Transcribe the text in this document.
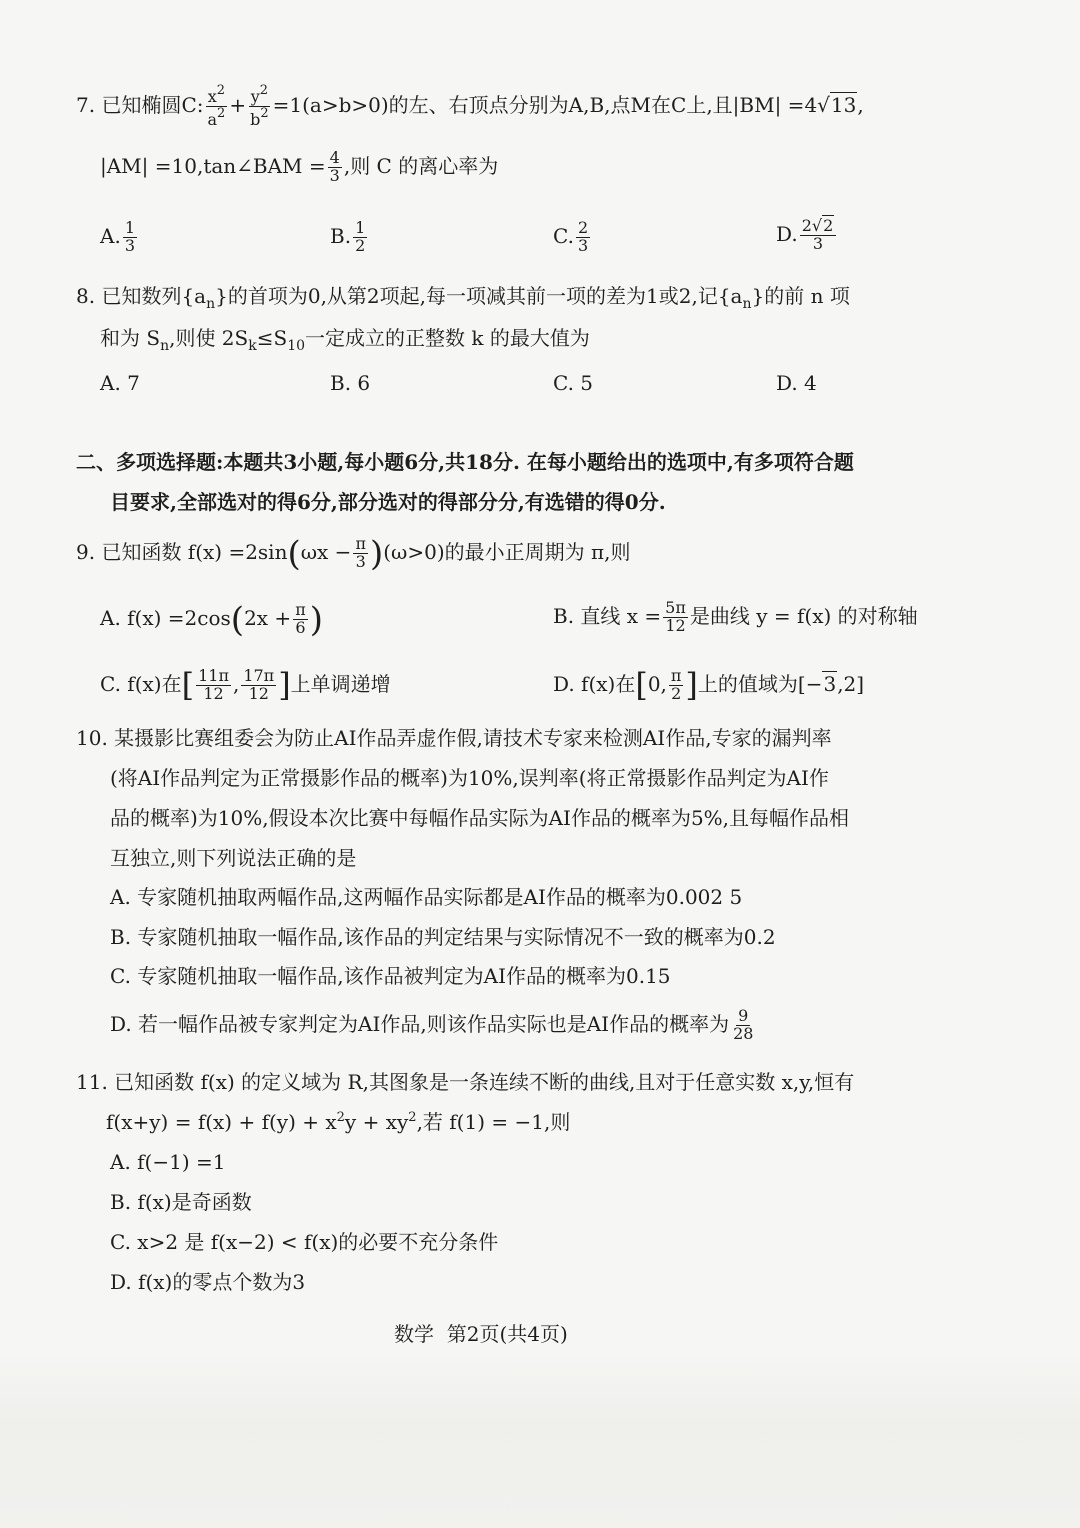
7. 已知椭圆C: $\frac{x^2}{a^2} + \frac{y^2}{b^2} =1(a>b>0)$的左、右顶点分别为A,B,点M在C上,且|BM| =4√13,
|AM| =10,tan∠BAM = $\frac{4}{3}$ ,则 C 的离心率为
A. $\frac{1}{3}$	B. $\frac{1}{2}$	C. $\frac{2}{3}$	D. $\frac{2√2}{3}$
8. 已知数列$\{a_n\}$的首项为0,从第2项起,每一项减其前一项的差为1或2,记$\{a_n\}$的前 n 项
和为 $S_n$,则使 $2S_k\le S_{10}$一定成立的正整数 k 的最大值为
A. 7	B. 6	C. 5	D. 4
二、多项选择题:本题共3小题,每小题6分,共18分. 在每小题给出的选项中,有多项符合题
目要求,全部选对的得6分,部分选对的得部分分,有选错的得0分.
9. 已知函数 $f(x) =2\sin(\omega x - \frac{\pi}{3} )(\omega>0)$的最小正周期为 π,则
A. $f(x) =2\cos(2x + \frac{\pi}{6}$ )	B. 直线 $x = \frac{5\pi}{12}$ 是曲线 y = f(x) 的对称轴
C. f(x)在[ $\frac{11\pi}{12}$ , $\frac{17\pi}{12}$ ]上单调递增	D. f(x)在[0, $\frac{\pi}{2}$ ]上的值域为[−3,2]
10. 某摄影比赛组委会为防止AI作品弄虚作假,请技术专家来检测AI作品,专家的漏判率
(将AI作品判定为正常摄影作品的概率)为10%,误判率(将正常摄影作品判定为AI作
品的概率)为10%,假设本次比赛中每幅作品实际为AI作品的概率为5%,且每幅作品相
互独立,则下列说法正确的是
A. 专家随机抽取两幅作品,这两幅作品实际都是AI作品的概率为0.002 5
B. 专家随机抽取一幅作品,该作品的判定结果与实际情况不一致的概率为0.2
C. 专家随机抽取一幅作品,该作品被判定为AI作品的概率为0.15
D. 若一幅作品被专家判定为AI作品,则该作品实际也是AI作品的概率为 $\frac{9}{28}$
11. 已知函数 f(x) 的定义域为 R,其图象是一条连续不断的曲线,且对于任意实数 x,y,恒有
$f(x+y) = f(x) + f(y) + x^2y + xy^2$,若 f(1) = −1,则
A. f(−1) =1
B. f(x)是奇函数
C. x>2 是 f(x−2) < f(x)的必要不充分条件
D. f(x)的零点个数为3
数学  第2页(共4页)
